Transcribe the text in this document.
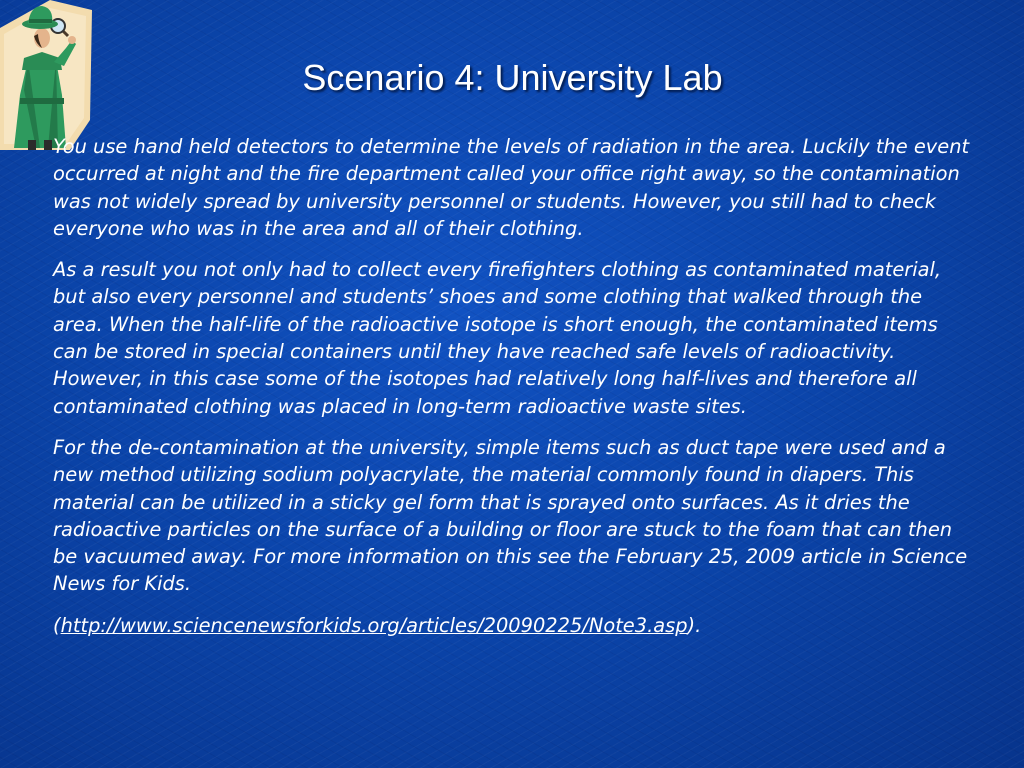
Scenario 4: University Lab

You use hand held detectors to determine the levels of radiation in the area. Luckily the event occurred at night and the fire department called your office right away, so the contamination was not widely spread by university personnel or students. However, you still had to check everyone who was in the area and all of their clothing.

As a result you not only had to collect every firefighters clothing as contaminated material, but also every personnel and students’ shoes and some clothing that walked through the area. When the half-life of the radioactive isotope is short enough, the contaminated items can be stored in special containers until they have reached safe levels of radioactivity. However, in this case some of the isotopes had relatively long half-lives and therefore all contaminated clothing was placed in long-term radioactive waste sites.

For the de-contamination at the university, simple items such as duct tape were used and a new method utilizing sodium polyacrylate, the material commonly found in diapers. This material can be utilized in a sticky gel form that is sprayed onto surfaces. As it dries the radioactive particles on the surface of a building or floor are stuck to the foam that can then be vacuumed away. For more information on this see the February 25, 2009 article in Science News for Kids.

(http://www.sciencenewsforkids.org/articles/20090225/Note3.asp).
